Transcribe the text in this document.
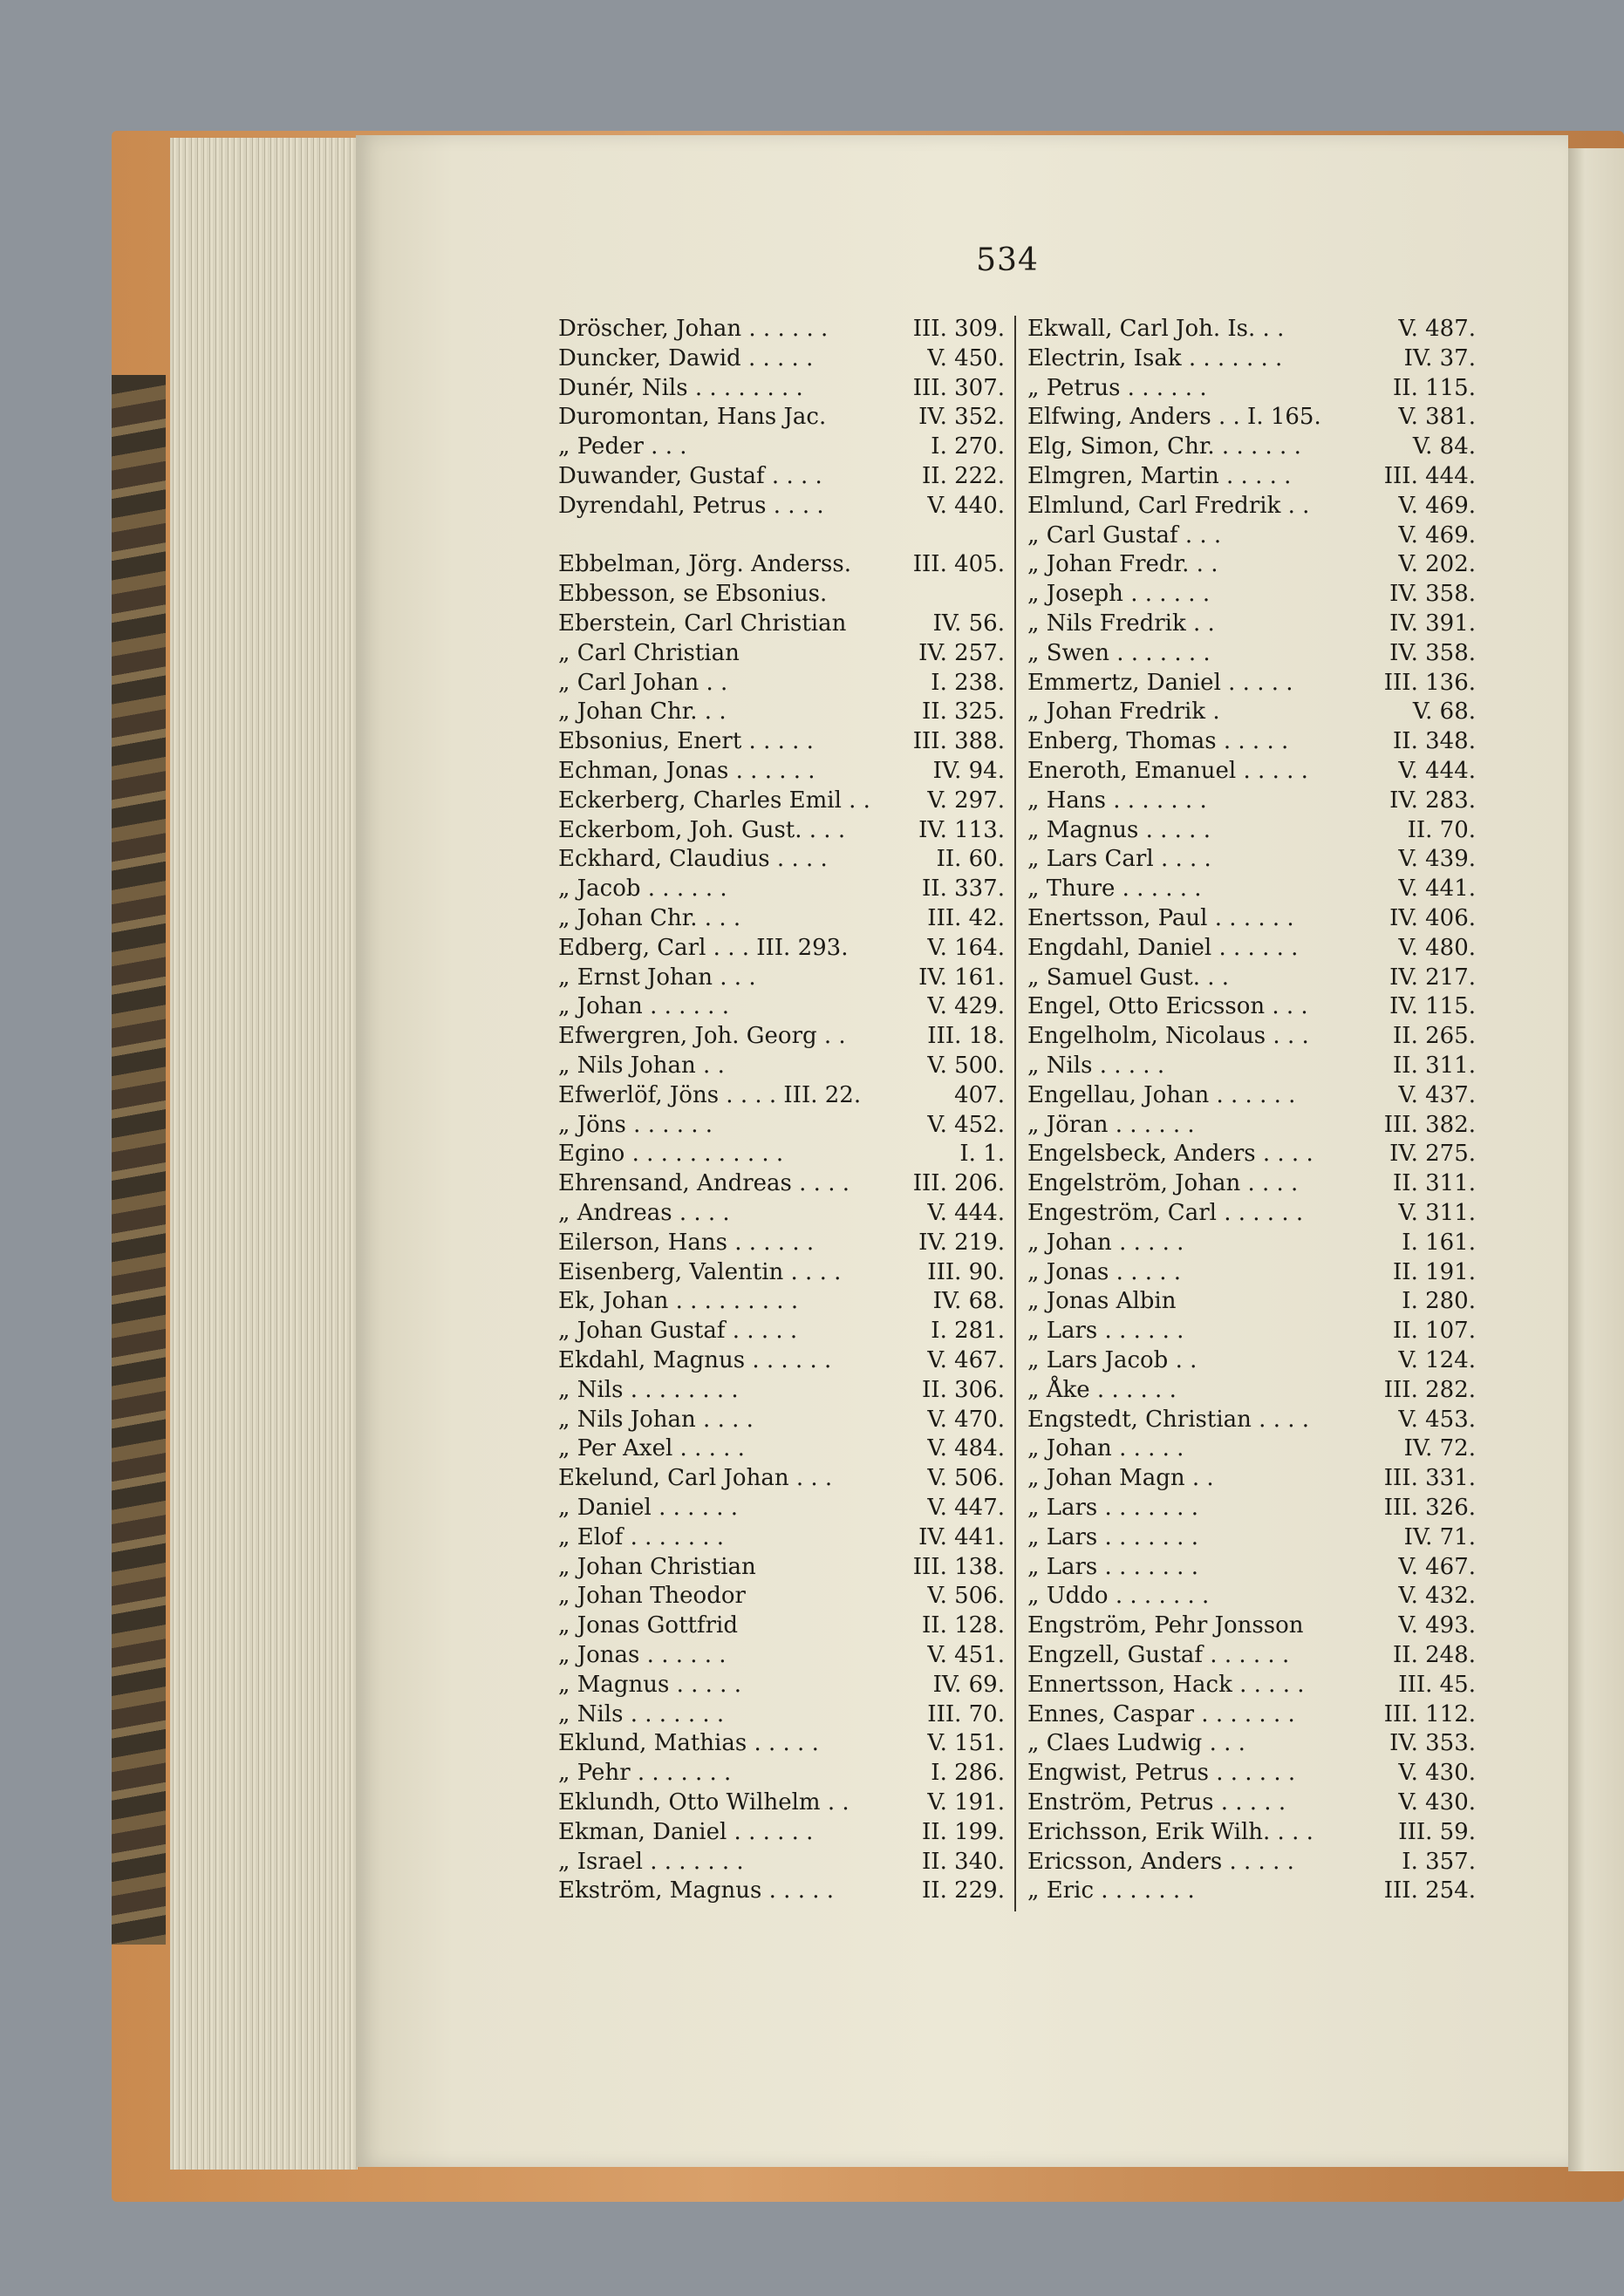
534
Dröscher, Johan . . . . . .	III. 309.
Duncker, Dawid . . . . .	V. 450.
Dunér, Nils . . . . . . . .	III. 307.
Duromontan, Hans Jac.	IV. 352.
„ Peder . . .	I. 270.
Duwander, Gustaf . . . .	II. 222.
Dyrendahl, Petrus . . . .	V. 440.
Ebbelman, Jörg. Anderss.	III. 405.
Ebbesson, se Ebsonius.
Eberstein, Carl Christian	IV. 56.
„ Carl Christian	IV. 257.
„ Carl Johan . .	I. 238.
„ Johan Chr. . .	II. 325.
Ebsonius, Enert . . . . .	III. 388.
Echman, Jonas . . . . . .	IV. 94.
Eckerberg, Charles Emil . .	V. 297.
Eckerbom, Joh. Gust. . . .	IV. 113.
Eckhard, Claudius . . . .	II. 60.
„ Jacob . . . . . .	II. 337.
„ Johan Chr. . . .	III. 42.
Edberg, Carl . . . III. 293.	V. 164.
„ Ernst Johan . . .	IV. 161.
„ Johan . . . . . .	V. 429.
Efwergren, Joh. Georg . .	III. 18.
„ Nils Johan . .	V. 500.
Efwerlöf, Jöns . . . . III. 22.	407.
„ Jöns . . . . . .	V. 452.
Egino . . . . . . . . . . .	I. 1.
Ehrensand, Andreas . . . .	III. 206.
„ Andreas . . . .	V. 444.
Eilerson, Hans . . . . . .	IV. 219.
Eisenberg, Valentin . . . .	III. 90.
Ek, Johan . . . . . . . . .	IV. 68.
„ Johan Gustaf . . . . .	I. 281.
Ekdahl, Magnus . . . . . .	V. 467.
„ Nils . . . . . . . .	II. 306.
„ Nils Johan . . . .	V. 470.
„ Per Axel . . . . .	V. 484.
Ekelund, Carl Johan . . .	V. 506.
„ Daniel . . . . . .	V. 447.
„ Elof . . . . . . .	IV. 441.
„ Johan Christian	III. 138.
„ Johan Theodor	V. 506.
„ Jonas Gottfrid	II. 128.
„ Jonas . . . . . .	V. 451.
„ Magnus . . . . .	IV. 69.
„ Nils . . . . . . .	III. 70.
Eklund, Mathias . . . . .	V. 151.
„ Pehr . . . . . . .	I. 286.
Eklundh, Otto Wilhelm . .	V. 191.
Ekman, Daniel . . . . . .	II. 199.
„ Israel . . . . . . .	II. 340.
Ekström, Magnus . . . . .	II. 229.
Ekwall, Carl Joh. Is. . .	V. 487.
Electrin, Isak . . . . . . .	IV. 37.
„ Petrus . . . . . .	II. 115.
Elfwing, Anders . . I. 165.	V. 381.
Elg, Simon, Chr. . . . . . .	V. 84.
Elmgren, Martin . . . . .	III. 444.
Elmlund, Carl Fredrik . .	V. 469.
„ Carl Gustaf . . .	V. 469.
„ Johan Fredr. . .	V. 202.
„ Joseph . . . . . .	IV. 358.
„ Nils Fredrik . .	IV. 391.
„ Swen . . . . . . .	IV. 358.
Emmertz, Daniel . . . . .	III. 136.
„ Johan Fredrik .	V. 68.
Enberg, Thomas . . . . .	II. 348.
Eneroth, Emanuel . . . . .	V. 444.
„ Hans . . . . . . .	IV. 283.
„ Magnus . . . . .	II. 70.
„ Lars Carl . . . .	V. 439.
„ Thure . . . . . .	V. 441.
Enertsson, Paul . . . . . .	IV. 406.
Engdahl, Daniel . . . . . .	V. 480.
„ Samuel Gust. . .	IV. 217.
Engel, Otto Ericsson . . .	IV. 115.
Engelholm, Nicolaus . . .	II. 265.
„ Nils . . . . .	II. 311.
Engellau, Johan . . . . . .	V. 437.
„ Jöran . . . . . .	III. 382.
Engelsbeck, Anders . . . .	IV. 275.
Engelström, Johan . . . .	II. 311.
Engeström, Carl . . . . . .	V. 311.
„ Johan . . . . .	I. 161.
„ Jonas . . . . .	II. 191.
„ Jonas Albin	I. 280.
„ Lars . . . . . .	II. 107.
„ Lars Jacob . .	V. 124.
„ Åke . . . . . .	III. 282.
Engstedt, Christian . . . .	V. 453.
„ Johan . . . . .	IV. 72.
„ Johan Magn . .	III. 331.
„ Lars . . . . . . .	III. 326.
„ Lars . . . . . . .	IV. 71.
„ Lars . . . . . . .	V. 467.
„ Uddo . . . . . . .	V. 432.
Engström, Pehr Jonsson	V. 493.
Engzell, Gustaf . . . . . .	II. 248.
Ennertsson, Hack . . . . .	III. 45.
Ennes, Caspar . . . . . . .	III. 112.
„ Claes Ludwig . . .	IV. 353.
Engwist, Petrus . . . . . .	V. 430.
Enström, Petrus . . . . .	V. 430.
Erichsson, Erik Wilh. . . .	III. 59.
Ericsson, Anders . . . . .	I. 357.
„ Eric . . . . . . .	III. 254.
